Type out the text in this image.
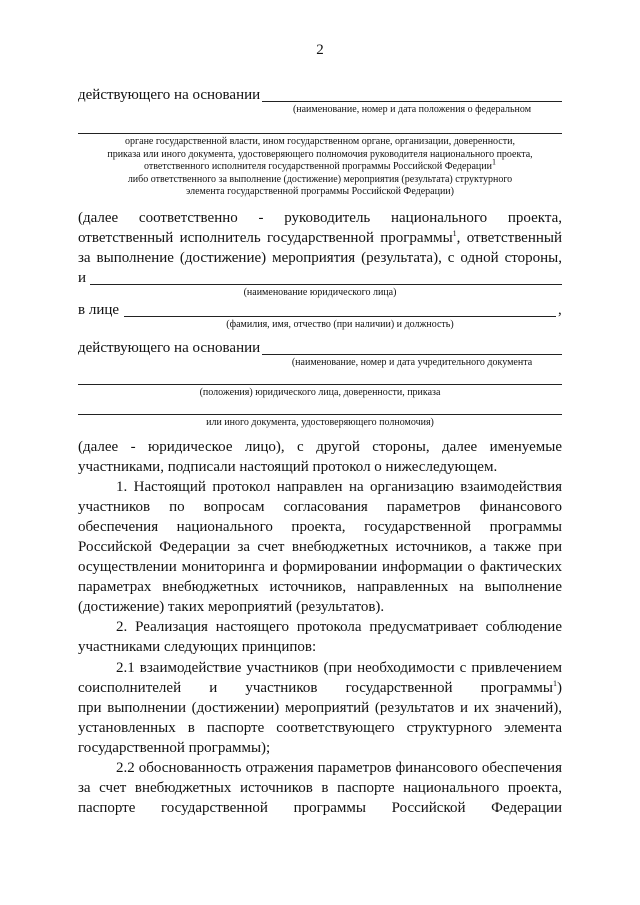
2
действующего на основании
(наименование, номер и дата положения о федеральном
органе государственной власти, ином государственном органе, организации, доверенности,
приказа или иного документа, удостоверяющего полномочия руководителя национального проекта,
ответственного исполнителя государственной программы Российской Федерации$^1$
либо ответственного за выполнение (достижение) мероприятия (результата) структурного
элемента государственной программы Российской Федерации)
(далее соответственно - руководитель национального проекта,
ответственный исполнитель государственной программы$^1$, ответственный
за выполнение (достижение) мероприятия (результата), с одной стороны,
и
(наименование юридического лица)
в лице	,
(фамилия, имя, отчество (при наличии) и должность)
действующего на основании
(наименование, номер и дата учредительного документа
(положения) юридического лица, доверенности, приказа
или иного документа, удостоверяющего полномочия)
(далее - юридическое лицо), с другой стороны, далее именуемые
участниками, подписали настоящий протокол о нижеследующем.
1. Настоящий протокол направлен на организацию взаимодействия
участников по вопросам согласования параметров финансового
обеспечения национального проекта, государственной программы
Российской Федерации за счет внебюджетных источников, а также при
осуществлении мониторинга и формировании информации о фактических
параметрах внебюджетных источников, направленных на выполнение
(достижение) таких мероприятий (результатов).
2. Реализация настоящего протокола предусматривает соблюдение
участниками следующих принципов:
2.1 взаимодействие участников (при необходимости с привлечением
соисполнителей и участников государственной программы$^1$)
при выполнении (достижении) мероприятий (результатов и их значений),
установленных в паспорте соответствующего структурного элемента
государственной программы);
2.2 обоснованность отражения параметров финансового обеспечения
за счет внебюджетных источников в паспорте национального проекта,
паспорте государственной программы Российской Федерации
